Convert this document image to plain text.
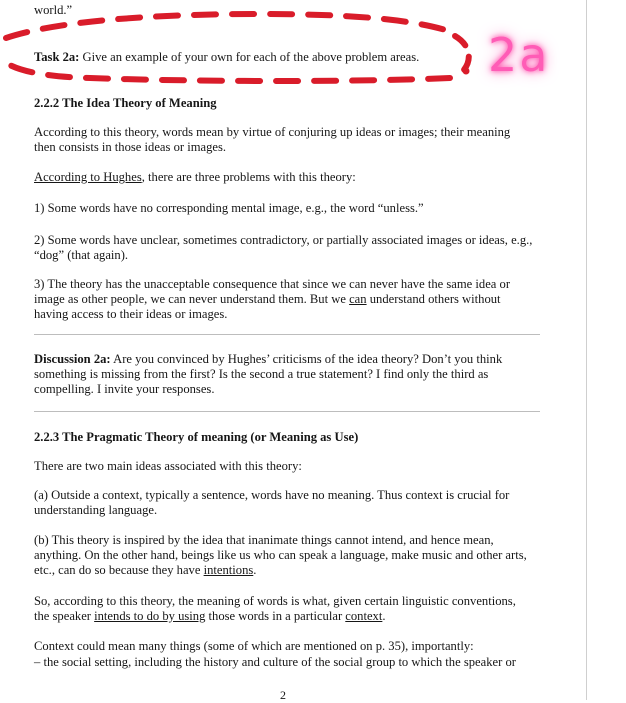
world.”

Task 2a: Give an example of your own for each of the above problem areas.	2a

2.2.2 The Idea Theory of Meaning

According to this theory, words mean by virtue of conjuring up ideas or images; their meaning then consists in those ideas or images.

According to Hughes, there are three problems with this theory:

1) Some words have no corresponding mental image, e.g., the word “unless.”

2) Some words have unclear, sometimes contradictory, or partially associated images or ideas, e.g., “dog” (that again).

3) The theory has the unacceptable consequence that since we can never have the same idea or image as other people, we can never understand them. But we can understand others without having access to their ideas or images.

Discussion 2a: Are you convinced by Hughes’ criticisms of the idea theory? Don’t you think something is missing from the first? Is the second a true statement? I find only the third as compelling. I invite your responses.

2.2.3 The Pragmatic Theory of meaning (or Meaning as Use)

There are two main ideas associated with this theory:

(a) Outside a context, typically a sentence, words have no meaning. Thus context is crucial for understanding language.

(b) This theory is inspired by the idea that inanimate things cannot intend, and hence mean, anything. On the other hand, beings like us who can speak a language, make music and other arts, etc., can do so because they have intentions.

So, according to this theory, the meaning of words is what, given certain linguistic conventions, the speaker intends to do by using those words in a particular context.

Context could mean many things (some of which are mentioned on p. 35), importantly:

– the social setting, including the history and culture of the social group to which the speaker or

2
